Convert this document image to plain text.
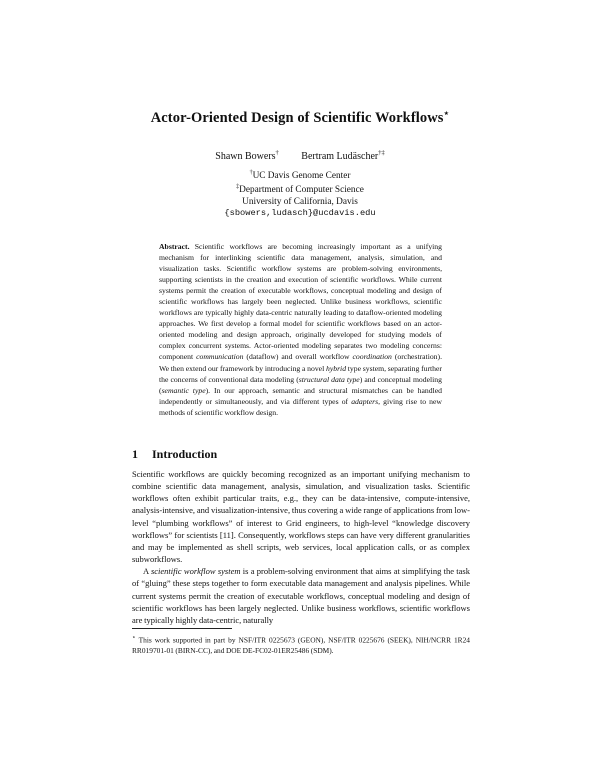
Actor-Oriented Design of Scientific Workflows⋆
Shawn Bowers† Bertram Ludäscher†‡
†UC Davis Genome Center
‡Department of Computer Science
University of California, Davis
{sbowers,ludasch}@ucdavis.edu
Abstract. Scientific workflows are becoming increasingly important as a unifying mechanism for interlinking scientific data management, analysis, simulation, and visualization tasks. Scientific workflow systems are problem-solving environments, supporting scientists in the creation and execution of scientific workflows. While current systems permit the creation of executable workflows, conceptual modeling and design of scientific workflows has largely been neglected. Unlike business workflows, scientific workflows are typically highly data-centric naturally leading to dataflow-oriented modeling approaches. We first develop a formal model for scientific workflows based on an actor-oriented modeling and design approach, originally developed for studying models of complex concurrent systems. Actor-oriented modeling separates two modeling concerns: component communication (dataflow) and overall workflow coordination (orchestration). We then extend our framework by introducing a novel hybrid type system, separating further the concerns of conventional data modeling (structural data type) and conceptual modeling (semantic type). In our approach, semantic and structural mismatches can be handled independently or simultaneously, and via different types of adapters, giving rise to new methods of scientific workflow design.
1 Introduction

Scientific workflows are quickly becoming recognized as an important unifying mechanism to combine scientific data management, analysis, simulation, and visualization tasks. Scientific workflows often exhibit particular traits, e.g., they can be data-intensive, compute-intensive, analysis-intensive, and visualization-intensive, thus covering a wide range of applications from low-level “plumbing workflows” of interest to Grid engineers, to high-level “knowledge discovery workflows” for scientists [11]. Consequently, workflows steps can have very different granularities and may be implemented as shell scripts, web services, local application calls, or as complex subworkflows.

A scientific workflow system is a problem-solving environment that aims at simplifying the task of “gluing” these steps together to form executable data management and analysis pipelines. While current systems permit the creation of executable workflows, conceptual modeling and design of scientific workflows has been largely neglected. Unlike business workflows, scientific workflows are typically highly data-centric, naturally

⋆ This work supported in part by NSF/ITR 0225673 (GEON), NSF/ITR 0225676 (SEEK), NIH/NCRR 1R24 RR019701-01 (BIRN-CC), and DOE DE-FC02-01ER25486 (SDM).
